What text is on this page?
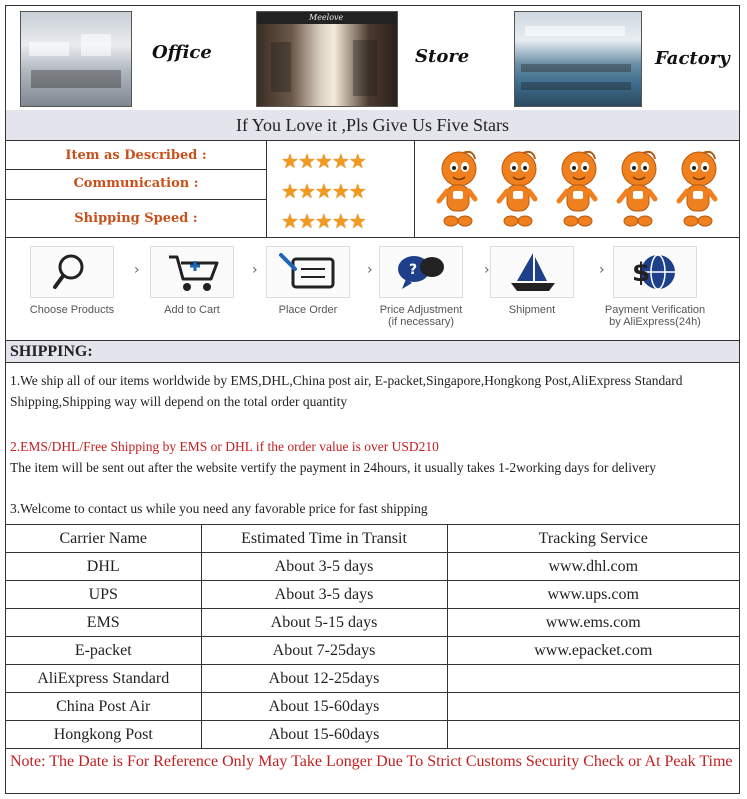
Office
Meelove
Store	Factory
If You Love it ,Pls Give Us Five Stars
Item as Described :
Communication :
Shipping Speed :
★★★★★
★★★★★
★★★★★
Choose Products
›
Add to Cart
›
Place Order
›	?
Price Adjustment
(if necessary)
›
Shipment
› $
Payment Verification
by AliExpress(24h)
SHIPPING:
1.We ship all of our items worldwide by EMS,DHL,China post air, E-packet,Singapore,Hongkong Post,AliExpress Standard Shipping,Shipping way will depend on the total order quantity
2.EMS/DHL/Free Shipping by EMS or DHL if the order value is over USD210
The item will be sent out after the website vertify the payment in 24hours, it usually takes 1-2working days for delivery
3.Welcome to contact us while you need any favorable price for fast shipping
Carrier Name	Estimated Time in Transit	Tracking Service
DHL	About 3-5 days	www.dhl.com
UPS	About 3-5 days	www.ups.com
EMS	About 5-15 days	www.ems.com
E-packet	About 7-25days	www.epacket.com
AliExpress Standard	About 12-25days	
China Post Air	About 15-60days	
Hongkong Post	About 15-60days	
Note: The Date is For Reference Only May Take Longer Due To Strict Customs Security Check or At Peak Time
